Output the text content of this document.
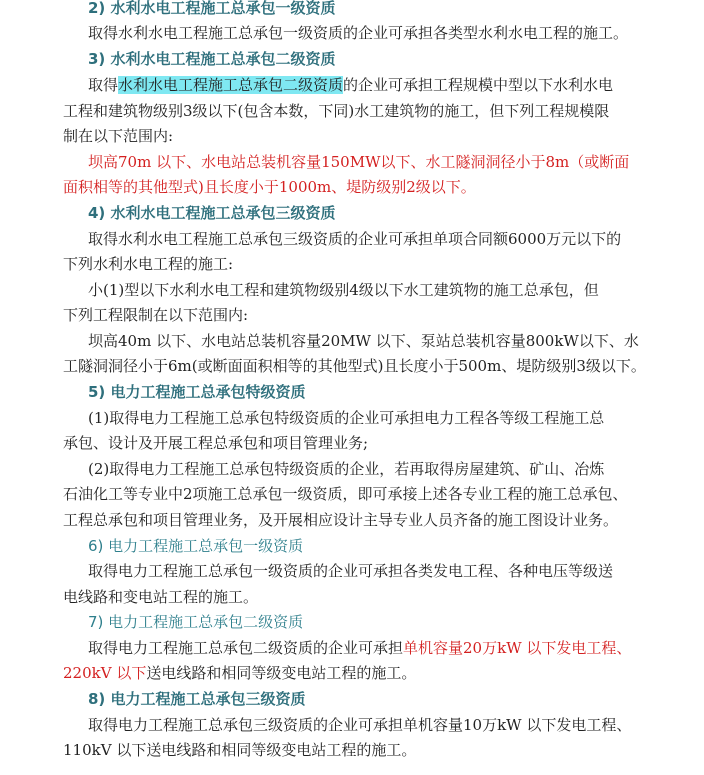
2) 水利水电工程施工总承包一级资质
取得水利水电工程施工总承包一级资质的企业可承担各类型水利水电工程的施工。
3) 水利水电工程施工总承包二级资质
取得水利水电工程施工总承包二级资质的企业可承担工程规模中型以下水利水电
工程和建筑物级别3级以下(包含本数，下同)水工建筑物的施工，但下列工程规模限
制在以下范围内:
坝高70m 以下、水电站总装机容量150MW以下、水工隧洞洞径小于8m（或断面
面积相等的其他型式)且长度小于1000m、堤防级别2级以下。
4) 水利水电工程施工总承包三级资质
取得水利水电工程施工总承包三级资质的企业可承担单项合同额6000万元以下的
下列水利水电工程的施工:
小(1)型以下水利水电工程和建筑物级别4级以下水工建筑物的施工总承包，但
下列工程限制在以下范围内:
坝高40m 以下、水电站总装机容量20MW 以下、泵站总装机容量800kW以下、水
工隧洞洞径小于6m(或断面面积相等的其他型式)且长度小于500m、堤防级别3级以下。
5) 电力工程施工总承包特级资质
(1)取得电力工程施工总承包特级资质的企业可承担电力工程各等级工程施工总
承包、设计及开展工程总承包和项目管理业务;
(2)取得电力工程施工总承包特级资质的企业，若再取得房屋建筑、矿山、冶炼
石油化工等专业中2项施工总承包一级资质，即可承接上述各专业工程的施工总承包、
工程总承包和项目管理业务，及开展相应设计主导专业人员齐备的施工图设计业务。
6) 电力工程施工总承包一级资质
取得电力工程施工总承包一级资质的企业可承担各类发电工程、各种电压等级送
电线路和变电站工程的施工。
7) 电力工程施工总承包二级资质
取得电力工程施工总承包二级资质的企业可承担单机容量20万kW 以下发电工程、
220kV 以下送电线路和相同等级变电站工程的施工。
8) 电力工程施工总承包三级资质
取得电力工程施工总承包三级资质的企业可承担单机容量10万kW 以下发电工程、
110kV 以下送电线路和相同等级变电站工程的施工。
